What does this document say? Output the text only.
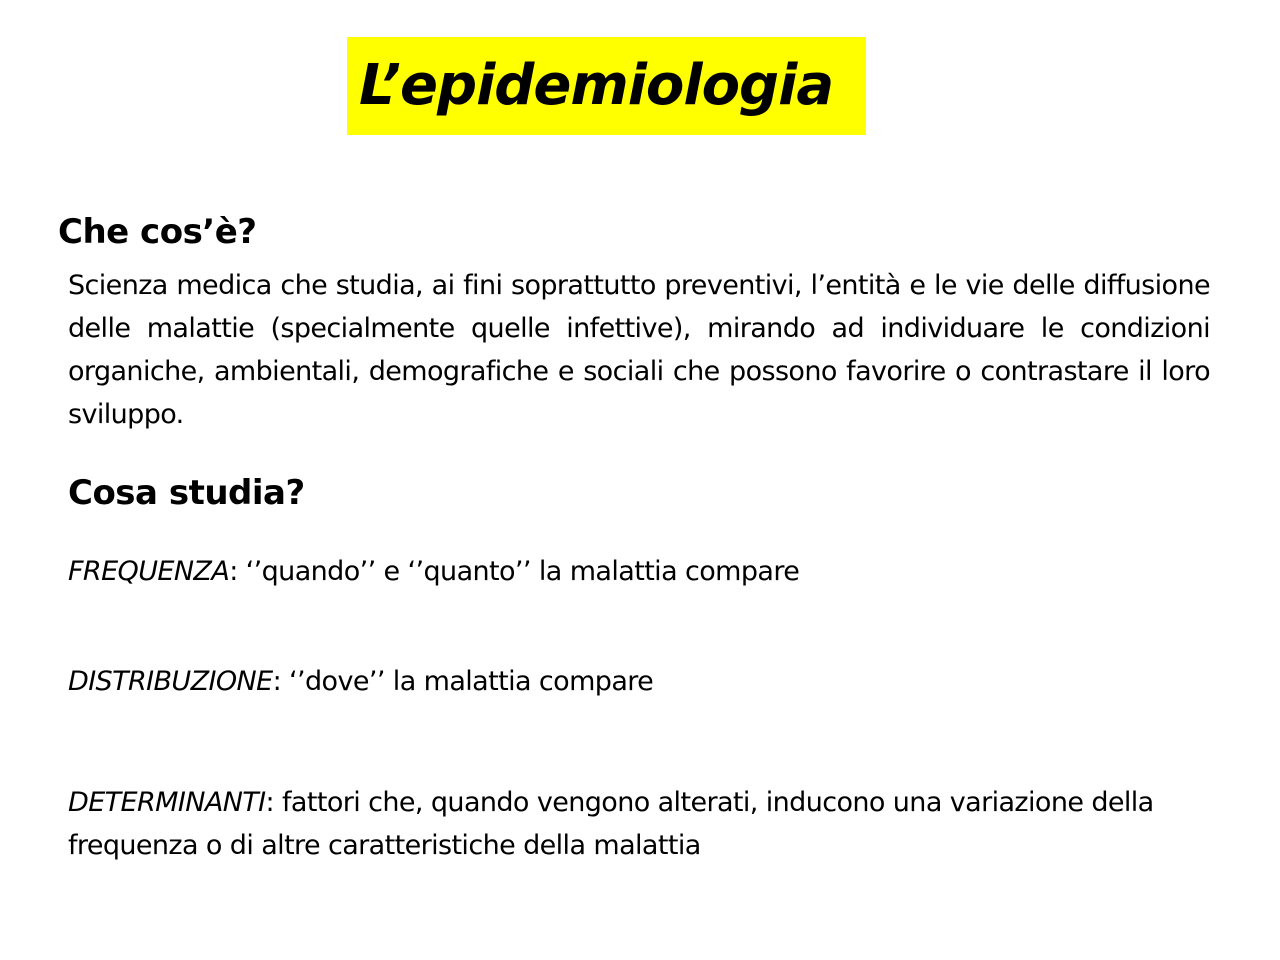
L’epidemiologia
Che cos’è?
Scienza medica che studia, ai fini soprattutto preventivi, l’entità e le vie delle diffusione delle malattie (specialmente quelle infettive), mirando ad individuare le condizioni organiche, ambientali, demografiche e sociali che possono favorire o contrastare il loro sviluppo.
Cosa studia?
FREQUENZA: ‘’quando’’ e ‘’quanto’’ la malattia compare
DISTRIBUZIONE: ‘’dove’’ la malattia compare
DETERMINANTI: fattori che, quando vengono alterati, inducono una variazione della frequenza o di altre caratteristiche della malattia
